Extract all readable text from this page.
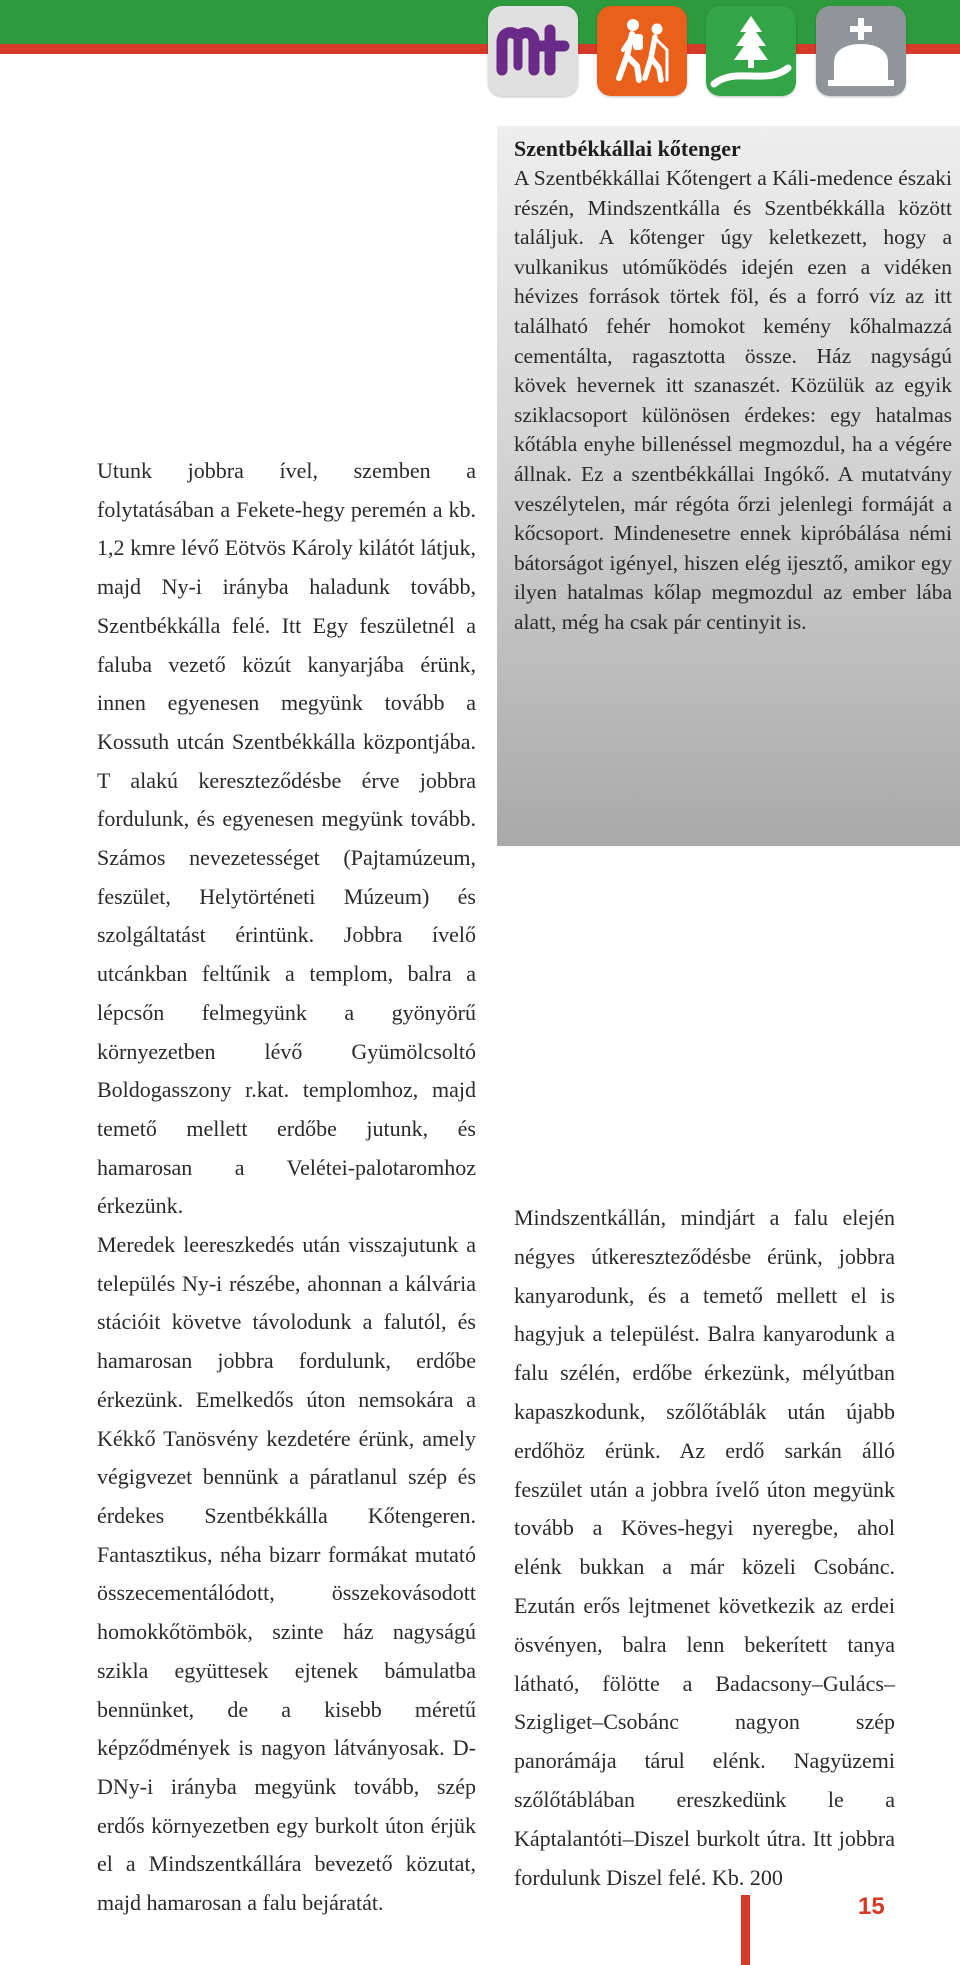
Szentbékkállai kőtenger

A Szentbékkállai Kőtengert a Káli-medence északi részén, Mindszentkálla és Szentbékkálla között találjuk. A kőtenger úgy keletkezett, hogy a vulkanikus utóműködés idején ezen a vidéken hévizes források törtek föl, és a forró víz az itt található fehér homokot kemény kőhalmazzá cementálta, ragasztotta össze. Ház nagyságú kövek hevernek itt szanaszét. Közülük az egyik sziklacsoport különösen érdekes: egy hatalmas kőtábla enyhe billenéssel megmozdul, ha a végére állnak. Ez a szentbékkállai Ingókő. A mutatvány veszélytelen, már régóta őrzi jelenlegi formáját a kőcsoport. Mindenesetre ennek kipróbálása némi bátorságot igényel, hiszen elég ijesztő, amikor egy ilyen hatalmas kőlap megmozdul az ember lába alatt, még ha csak pár centinyit is.

Utunk jobbra ível, szemben a folytatásában a Fekete-hegy peremén a kb. 1,2 kmre lévő Eötvös Károly kilátót látjuk, majd Ny-i irányba haladunk tovább, Szentbékkálla felé. Itt Egy feszületnél a faluba vezető közút kanyarjába érünk, innen egyenesen megyünk tovább a Kossuth utcán Szentbékkálla központjába. T alakú kereszteződésbe érve jobbra fordulunk, és egyenesen megyünk tovább. Számos nevezetességet (Pajtamúzeum, feszület, Helytörténeti Múzeum) és szolgáltatást érintünk. Jobbra ívelő utcánkban feltűnik a templom, balra a lépcsőn felmegyünk a gyönyörű környezetben lévő Gyümölcsoltó Boldogasszony r.kat. templomhoz, majd temető mellett erdőbe jutunk, és hamarosan a Velétei-palotaromhoz érkezünk.

Meredek leereszkedés után visszajutunk a település Ny-i részébe, ahonnan a kálvária stációit követve távolodunk a falutól, és hamarosan jobbra fordulunk, erdőbe érkezünk. Emelkedős úton nemsokára a Kékkő Tanösvény kezdetére érünk, amely végigvezet bennünk a páratlanul szép és érdekes Szentbékkálla Kőtengeren. Fantasztikus, néha bizarr formákat mutató összecementálódott, összekovásodott homokkőtömbök, szinte ház nagyságú szikla együttesek ejtenek bámulatba bennünket, de a kisebb méretű képződmények is nagyon látványosak. D-DNy-i irányba megyünk tovább, szép erdős környezetben egy burkolt úton érjük el a Mindszentkállára bevezető közutat, majd hamarosan a falu bejáratát.

Mindszentkállán, mindjárt a falu elején négyes útkereszteződésbe érünk, jobbra kanyarodunk, és a temető mellett el is hagyjuk a települést. Balra kanyarodunk a falu szélén, erdőbe érkezünk, mélyútban kapaszkodunk, szőlőtáblák után újabb erdőhöz érünk. Az erdő sarkán álló feszület után a jobbra ívelő úton megyünk tovább a Köves-hegyi nyeregbe, ahol elénk bukkan a már közeli Csobánc. Ezután erős lejtmenet következik az erdei ösvényen, balra lenn bekerített tanya látható, fölötte a Badacsony–Gulács–Szigliget–Csobánc nagyon szép panorámája tárul elénk. Nagyüzemi szőlőtáblában ereszkedünk le a Káptalantóti–Diszel burkolt útra. Itt jobbra fordulunk Diszel felé. Kb. 200

15
